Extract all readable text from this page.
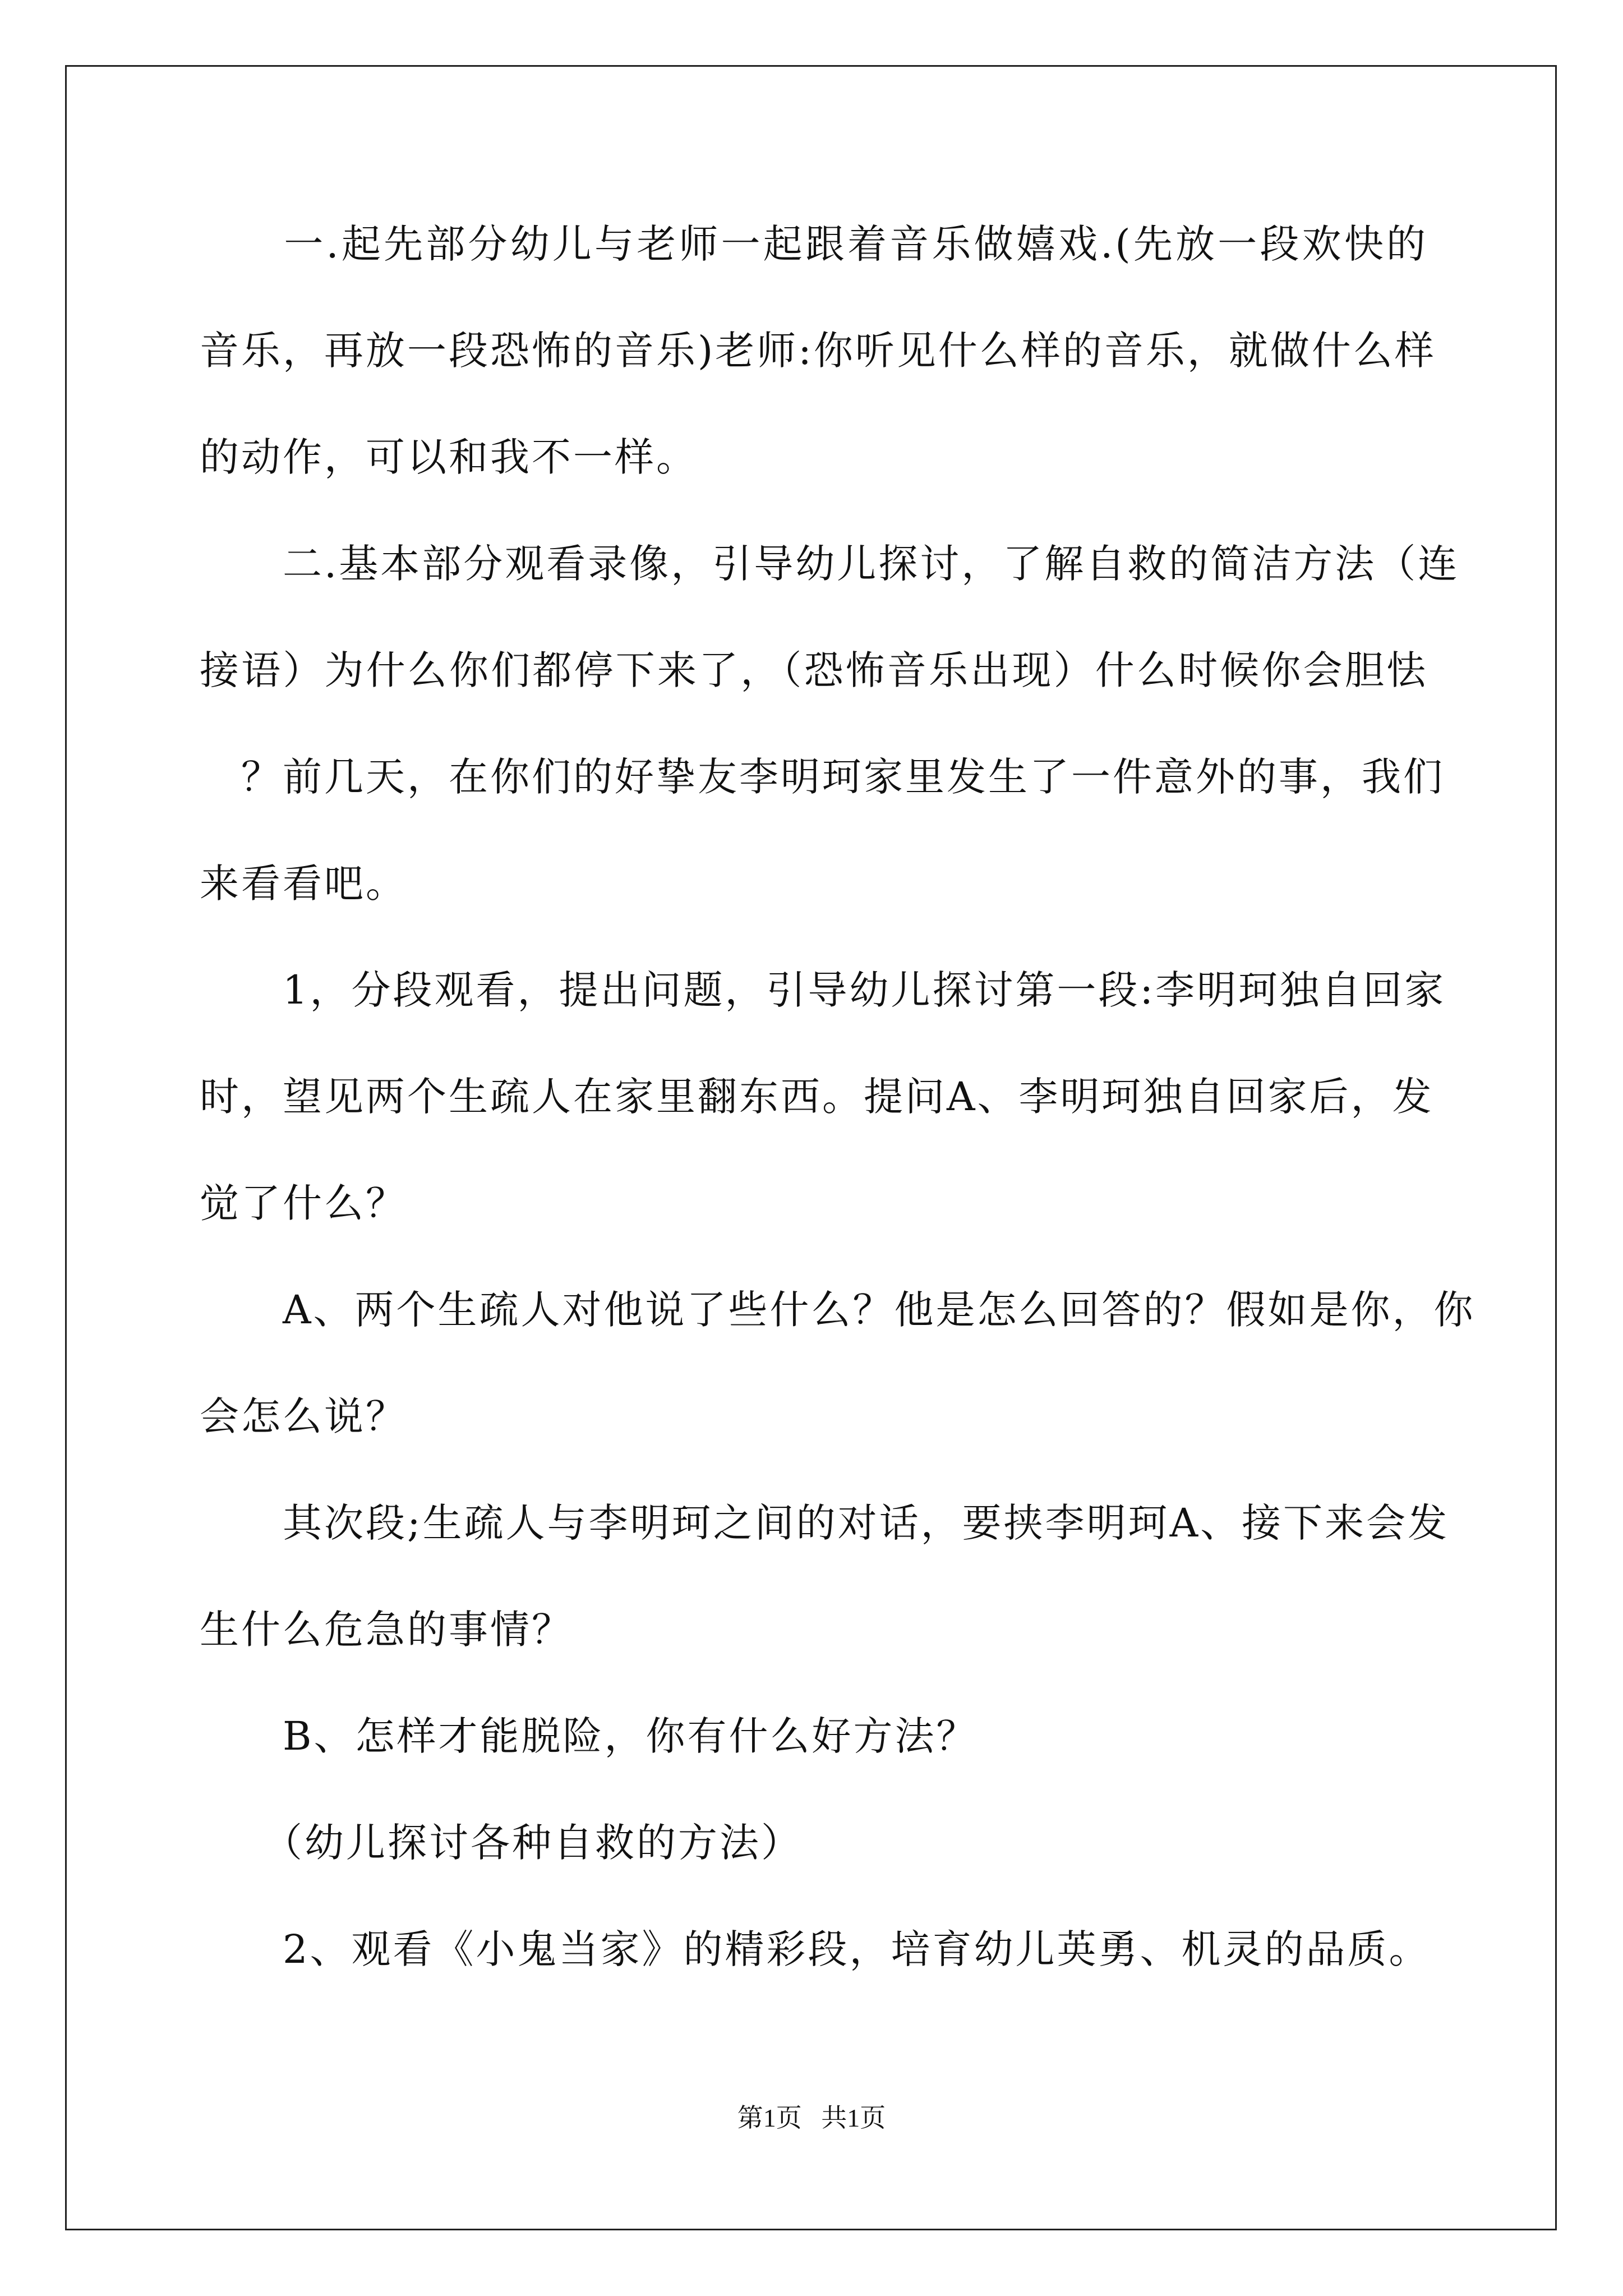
　　一.起先部分幼儿与老师一起跟着音乐做嬉戏.(先放一段欢快的
音乐，再放一段恐怖的音乐)老师:你听见什么样的音乐，就做什么样
的动作，可以和我不一样。
　　二.基本部分观看录像，引导幼儿探讨，了解自救的简洁方法（连
接语）为什么你们都停下来了，（恐怖音乐出现）什么时候你会胆怯
　？前几天，在你们的好挚友李明珂家里发生了一件意外的事，我们
来看看吧。
　　1，分段观看，提出问题，引导幼儿探讨第一段:李明珂独自回家
时，望见两个生疏人在家里翻东西。提问A、李明珂独自回家后，发
觉了什么？
　　A、两个生疏人对他说了些什么？他是怎么回答的？假如是你，你
会怎么说？
　　其次段;生疏人与李明珂之间的对话，要挟李明珂A、接下来会发
生什么危急的事情？
　　B、怎样才能脱险，你有什么好方法？
　　（幼儿探讨各种自救的方法）
　　2、观看《小鬼当家》的精彩段，培育幼儿英勇、机灵的品质。
第1页 共1页
